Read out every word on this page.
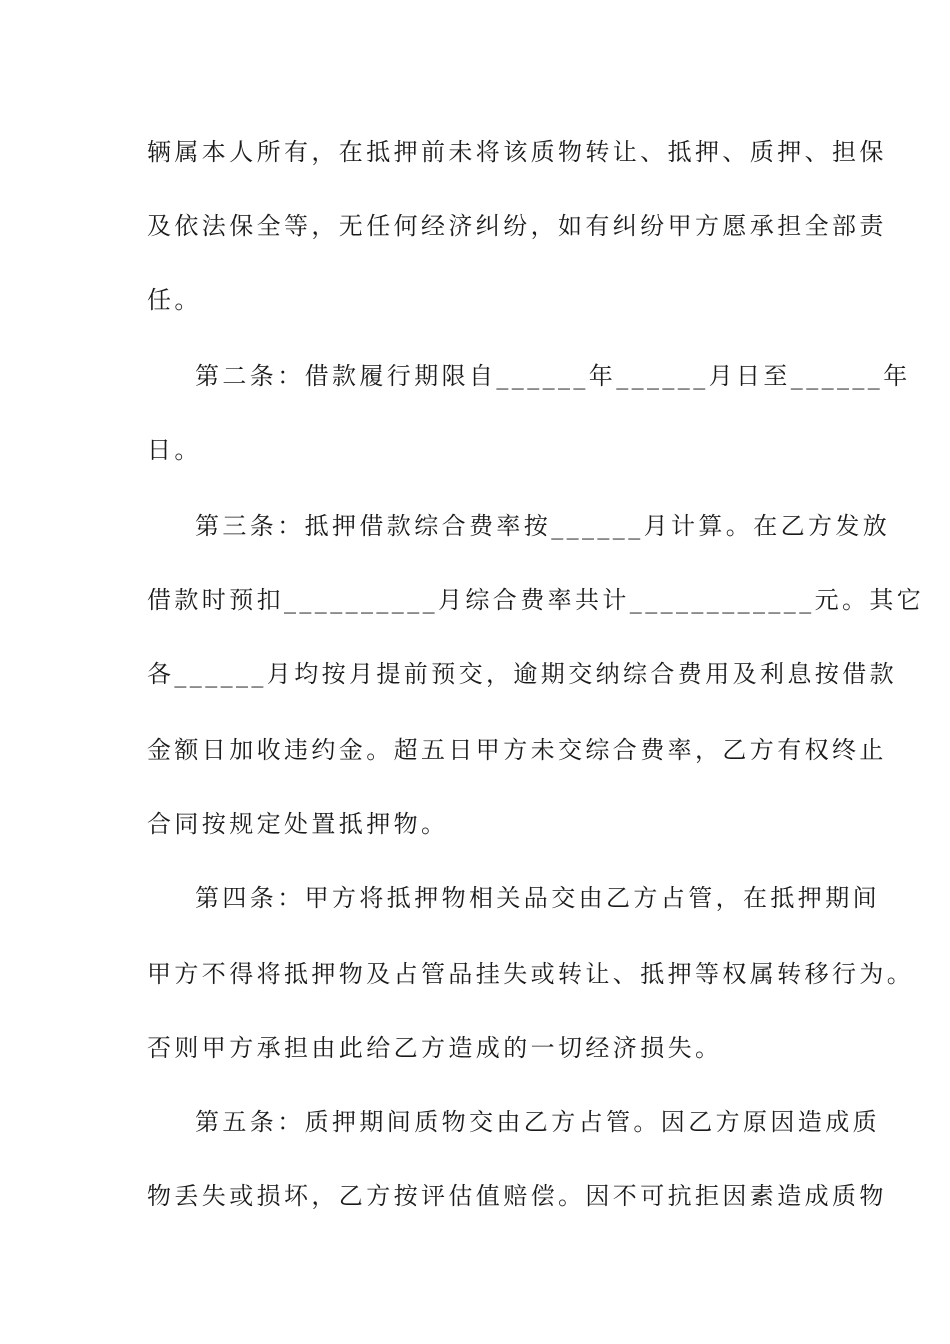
辆属本人所有，在抵押前未将该质物转让、抵押、质押、担保
及依法保全等，无任何经济纠纷，如有纠纷甲方愿承担全部责
任。
第二条：借款履行期限自______年______月日至______年
日。
第三条：抵押借款综合费率按______月计算。在乙方发放
借款时预扣__________月综合费率共计____________元。其它
各______月均按月提前预交，逾期交纳综合费用及利息按借款
金额日加收违约金。超五日甲方未交综合费率，乙方有权终止
合同按规定处置抵押物。
第四条：甲方将抵押物相关品交由乙方占管，在抵押期间
甲方不得将抵押物及占管品挂失或转让、抵押等权属转移行为。
否则甲方承担由此给乙方造成的一切经济损失。
第五条：质押期间质物交由乙方占管。因乙方原因造成质
物丢失或损坏，乙方按评估值赔偿。因不可抗拒因素造成质物
